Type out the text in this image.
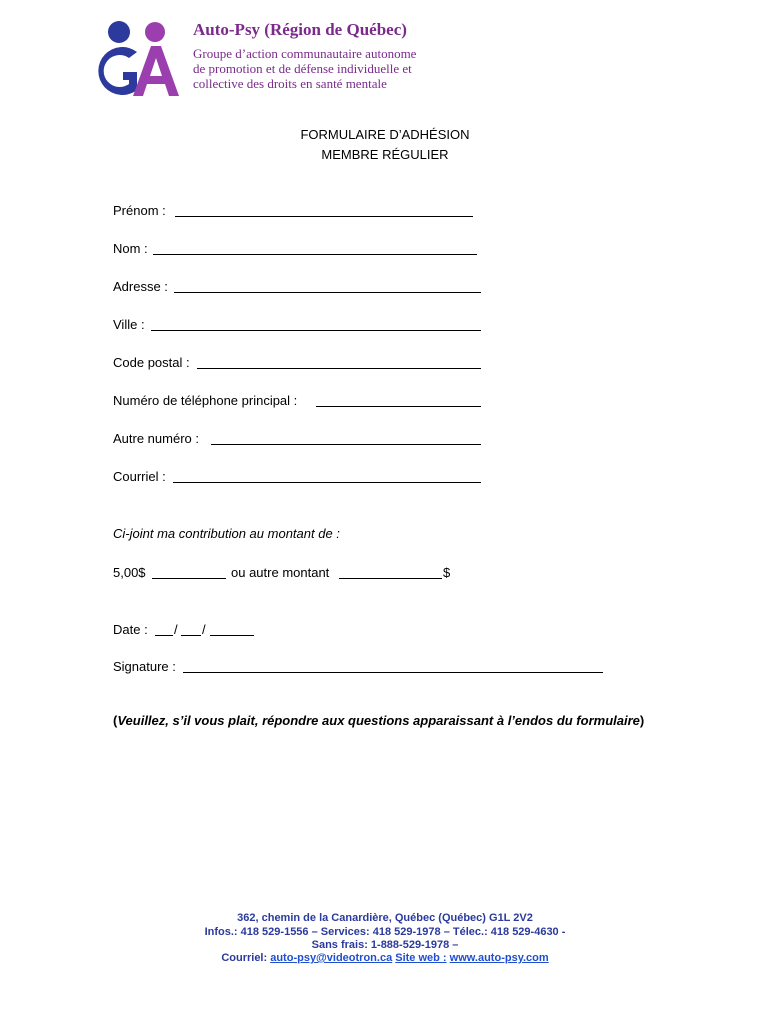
Auto-Psy (Région de Québec)
Groupe d’action communautaire autonome
de promotion et de défense individuelle et
collective des droits en santé mentale
FORMULAIRE D’ADHÉSION
MEMBRE RÉGULIER
Prénom :
Nom :
Adresse :
Ville :
Code postal :
Numéro de téléphone principal :
Autre numéro :
Courriel :
Ci-joint ma contribution au montant de :
5,00$	ou autre montant	$
Date : / /
Signature :
(Veuillez, s’il vous plait, répondre aux questions apparaissant à l’endos du formulaire)
362, chemin de la Canardière, Québec (Québec) G1L 2V2
Infos.: 418 529-1556 – Services: 418 529-1978 – Télec.: 418 529-4630 -
Sans frais: 1-888-529-1978 –
Courriel: auto-psy@videotron.ca Site web : www.auto-psy.com
